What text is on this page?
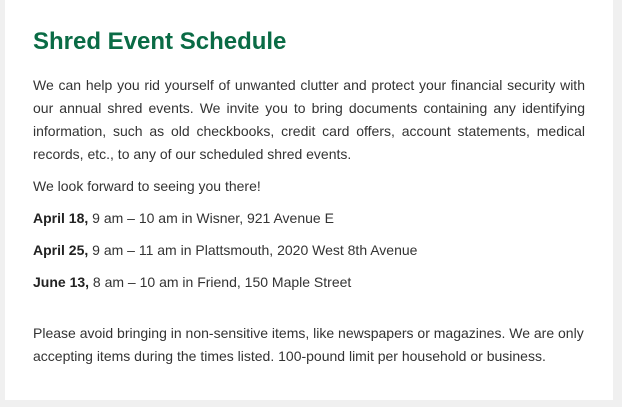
Shred Event Schedule

We can help you rid yourself of unwanted clutter and protect your financial security with our annual shred events. We invite you to bring documents containing any identifying information, such as old checkbooks, credit card offers, account statements, medical records, etc., to any of our scheduled shred events.

We look forward to seeing you there!

April 18, 9 am – 10 am in Wisner, 921 Avenue E

April 25, 9 am – 11 am in Plattsmouth, 2020 West 8th Avenue

June 13, 8 am – 10 am in Friend, 150 Maple Street

Please avoid bringing in non-sensitive items, like newspapers or magazines. We are only accepting items during the times listed. 100-pound limit per household or business.
